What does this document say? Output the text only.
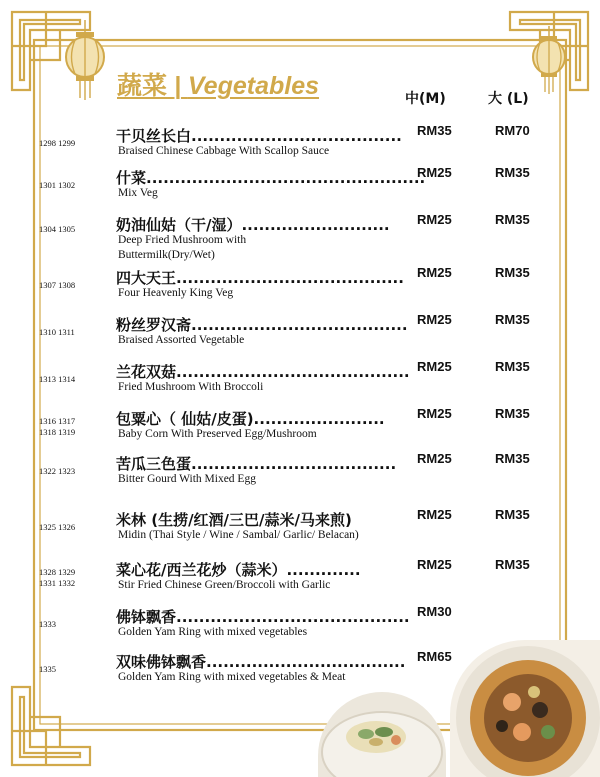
蔬菜 | Vegetables	中(M)	大 (L)
1298 1299	干贝丝长白.....................................
Braised Chinese Cabbage With Scallop Sauce
RM35	RM70
1301 1302	什菜.................................................
Mix Veg
RM25	RM35
1304 1305	奶油仙姑（干/湿）..........................
Deep Fried Mushroom with
Buttermilk(Dry/Wet)
RM25	RM35
1307 1308	四大天王........................................
Four Heavenly King Veg
RM25	RM35
1310 1311	粉丝罗汉斋......................................
Braised Assorted Vegetable
RM25	RM35
1313 1314	兰花双菇.........................................
Fried Mushroom With Broccoli
RM25	RM35
1316 1317
1318 1319
包粟心（ 仙姑/皮蛋).......................
Baby Corn With Preserved Egg/Mushroom
RM25	RM35
1322 1323	苦瓜三色蛋....................................
Bitter Gourd With Mixed Egg
RM25	RM35
1325 1326	米林 (生捞/红酒/三巴/蒜米/马来煎)
Midin (Thai Style / Wine / Sambal/ Garlic/ Belacan)
RM25	RM35
1328 1329
1331 1332
菜心花/西兰花炒（蒜米）.............
Stir Fried Chinese Green/Broccoli with Garlic
RM25	RM35
1333	佛钵飘香.........................................
Golden Yam Ring with mixed vegetables
RM30
1335	双味佛钵飘香...................................
Golden Yam Ring with mixed vegetables & Meat
RM65
